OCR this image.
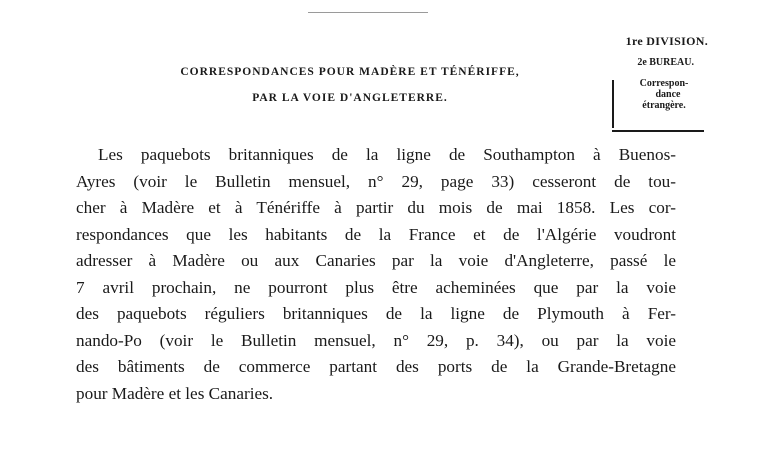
1re DIVISION.

2e BUREAU.

Correspon-

dance

étrangère.

CORRESPONDANCES POUR MADÈRE ET TÉNÉRIFFE,

PAR LA VOIE D'ANGLETERRE.

Les paquebots britanniques de la ligne de Southampton à Buenos-
Ayres (voir le Bulletin mensuel, n° 29, page 33) cesseront de tou-
cher à Madère et à Ténériffe à partir du mois de mai 1858. Les cor-
respondances que les habitants de la France et de l'Algérie voudront
adresser à Madère ou aux Canaries par la voie d'Angleterre, passé le
7 avril prochain, ne pourront plus être acheminées que par la voie
des paquebots réguliers britanniques de la ligne de Plymouth à Fer-
nando-Po (voir le Bulletin mensuel, n° 29, p. 34), ou par la voie
des bâtiments de commerce partant des ports de la Grande-Bretagne
pour Madère et les Canaries.
